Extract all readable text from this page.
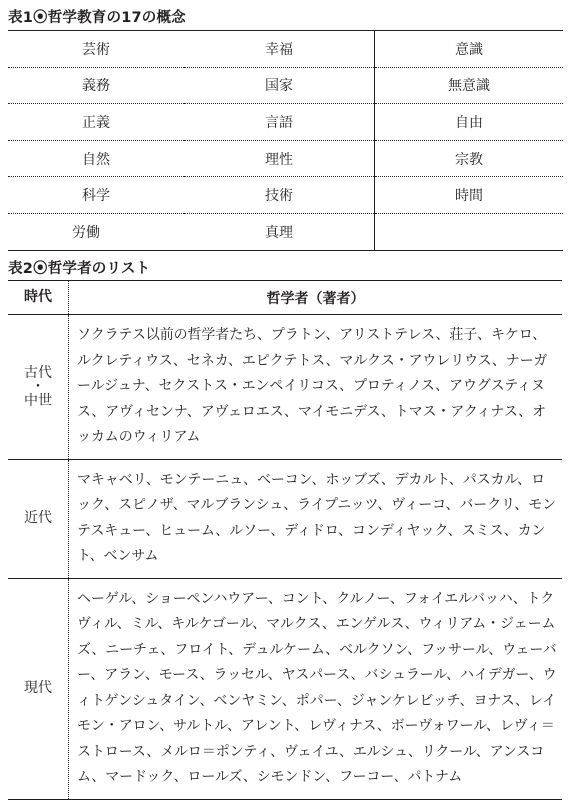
表1⦿哲学教育の17の概念
芸術	幸福	意識
義務	国家	無意識
正義	言語	自由
自然	理性	宗教
科学	技術	時間
労働	真理	
表2⦿哲学者のリスト
時代	哲学者（著者）

古代
・
中世	ソクラテス以前の哲学者たち、プラトン、アリストテレス、荘子、キケロ、ルクレティウス、セネカ、エピクテトス、マルクス・アウレリウス、ナーガールジュナ、セクストス・エンペイリコス、プロティノス、アウグスティヌス、アヴィセンナ、アヴェロエス、マイモニデス、トマス・アクィナス、オッカムのウィリアム
近代	マキャベリ、モンテーニュ、ベーコン、ホッブズ、デカルト、パスカル、ロック、スピノザ、マルブランシュ、ライプニッツ、ヴィーコ、バークリ、モンテスキュー、ヒューム、ルソー、ディドロ、コンディヤック、スミス、カント、ベンサム
現代	ヘーゲル、ショーペンハウアー、コント、クルノー、フォイエルバッハ、トクヴィル、ミル、キルケゴール、マルクス、エンゲルス、ウィリアム・ジェームズ、ニーチェ、フロイト、デュルケーム、ベルクソン、フッサール、ウェーバー、アラン、モース、ラッセル、ヤスパース、バシュラール、ハイデガー、ウィトゲンシュタイン、ベンヤミン、ポパー、ジャンケレビッチ、ヨナス、レイモン・アロン、サルトル、アレント、レヴィナス、ボーヴォワール、レヴィ＝ストロース、メルロ＝ポンティ、ヴェイユ、エルシュ、リクール、アンスコム、マードック、ロールズ、シモンドン、フーコー、パトナム
